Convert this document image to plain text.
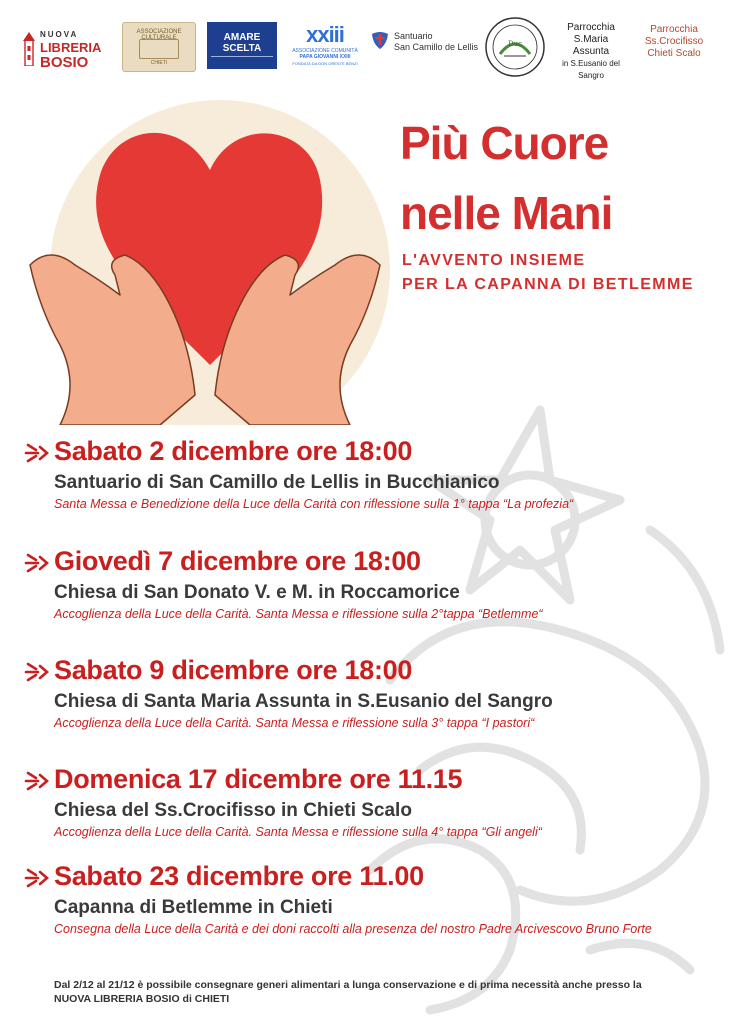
NUOVA
LIBRERIA
BOSIO
ASSOCIAZIONE CULTURALE
CHIETI
AMARE
SCELTA
xxiii
ASSOCIAZIONE COMUNITÀ
PAPA GIOVANNI XXIII
FONDATA DA DON ORESTE BENZI
Santuario
San Camillo de Lellis	Duc
Parrocchia
S.Maria Assunta
in S.Eusanio del Sangro
Parrocchia
Ss.Crocifisso
Chieti Scalo
Più Cuore
nelle Mani
L'AVVENTO INSIEME
PER LA CAPANNA DI BETLEMME
Sabato 2 dicembre ore 18:00
Santuario di San Camillo de Lellis in Bucchianico
Santa Messa e Benedizione della Luce della Carità con riflessione sulla 1° tappa “La profezia“
Giovedì 7 dicembre ore 18:00
Chiesa di San Donato V. e M. in Roccamorice
Accoglienza della Luce della Carità. Santa Messa e riflessione sulla 2°tappa “Betlemme“
Sabato 9 dicembre ore 18:00
Chiesa di Santa Maria Assunta in S.Eusanio del Sangro
Accoglienza della Luce della Carità. Santa Messa e riflessione sulla 3° tappa “I pastori“
Domenica 17 dicembre ore 11.15
Chiesa del Ss.Crocifisso in Chieti Scalo
Accoglienza della Luce della Carità. Santa Messa e riflessione sulla 4° tappa “Gli angeli“
Sabato 23 dicembre ore 11.00
Capanna di Betlemme in Chieti
Consegna della Luce della Carità e dei doni raccolti alla presenza del nostro Padre Arcivescovo Bruno Forte
Dal 2/12 al 21/12 è possibile consegnare generi alimentari a lunga conservazione e di prima necessità anche presso la NUOVA LIBRERIA BOSIO di CHIETI
